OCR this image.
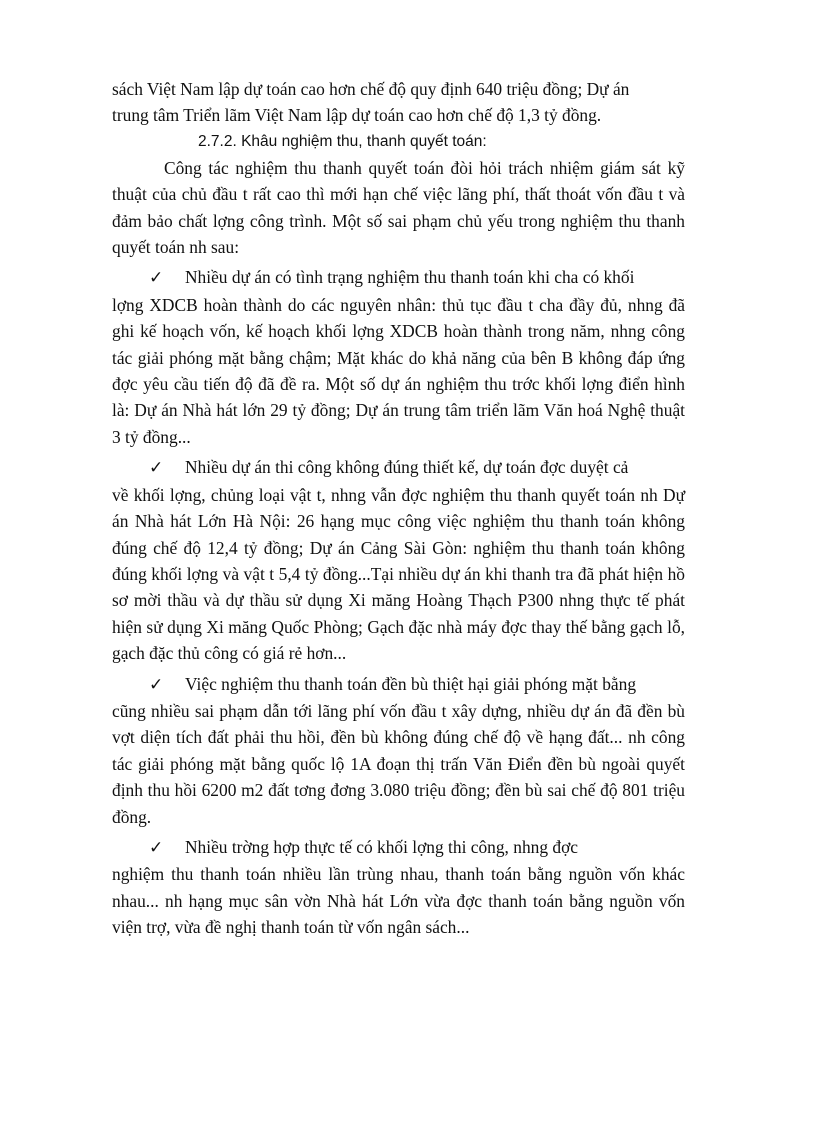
sách Việt Nam lập dự toán cao hơn chế độ quy định 640 triệu đồng; Dự án
trung tâm Triển lãm Việt Nam lập dự toán cao hơn chế độ 1,3 tỷ đồng.

2.7.2. Khâu nghiệm thu, thanh quyết toán:

Công tác nghiệm thu thanh quyết toán đòi hỏi trách nhiệm giám sát kỹ thuật của chủ đầu t rất cao thì mới hạn chế việc lãng phí, thất thoát vốn đầu t và đảm bảo chất lợng công trình. Một số sai phạm chủ yếu trong nghiệm thu thanh quyết toán nh sau:

✓ Nhiều dự án có tình trạng nghiệm thu thanh toán khi cha có khối
lợng XDCB hoàn thành do các nguyên nhân: thủ tục đầu t cha đầy đủ, nhng đã ghi kế hoạch vốn, kế hoạch khối lợng XDCB hoàn thành trong năm, nhng công tác giải phóng mặt bằng chậm; Mặt khác do khả năng của bên B không đáp ứng đợc yêu cầu tiến độ đã đề ra. Một số dự án nghiệm thu trớc khối lợng điển hình là: Dự án Nhà hát lớn 29 tỷ đồng; Dự án trung tâm triển lãm Văn hoá Nghệ thuật 3 tỷ đồng...
✓ Nhiều dự án thi công không đúng thiết kế, dự toán đợc duyệt cả
về khối lợng, chủng loại vật t, nhng vẫn đợc nghiệm thu thanh quyết toán nh Dự án Nhà hát Lớn Hà Nội: 26 hạng mục công việc nghiệm thu thanh toán không đúng chế độ 12,4 tỷ đồng; Dự án Cảng Sài Gòn: nghiệm thu thanh toán không đúng khối lợng và vật t 5,4 tỷ đồng...Tại nhiều dự án khi thanh tra đã phát hiện hồ sơ mời thầu và dự thầu sử dụng Xi măng Hoàng Thạch P300 nhng thực tế phát hiện sử dụng Xi măng Quốc Phòng; Gạch đặc nhà máy đợc thay thế bằng gạch lỗ, gạch đặc thủ công có giá rẻ hơn...
✓ Việc nghiệm thu thanh toán đền bù thiệt hại giải phóng mặt bằng
cũng nhiều sai phạm dẫn tới lãng phí vốn đầu t xây dựng, nhiều dự án đã đền bù vợt diện tích đất phải thu hồi, đền bù không đúng chế độ về hạng đất... nh công tác giải phóng mặt bằng quốc lộ 1A đoạn thị trấn Văn Điển đền bù ngoài quyết định thu hồi 6200 m2 đất tơng đơng 3.080 triệu đồng; đền bù sai chế độ 801 triệu đồng.
✓ Nhiều trờng hợp thực tế có khối lợng thi công, nhng đợc
nghiệm thu thanh toán nhiều lần trùng nhau, thanh toán bằng nguồn vốn khác nhau... nh hạng mục sân vờn Nhà hát Lớn vừa đợc thanh toán bằng nguồn vốn viện trợ, vừa đề nghị thanh toán từ vốn ngân sách...
